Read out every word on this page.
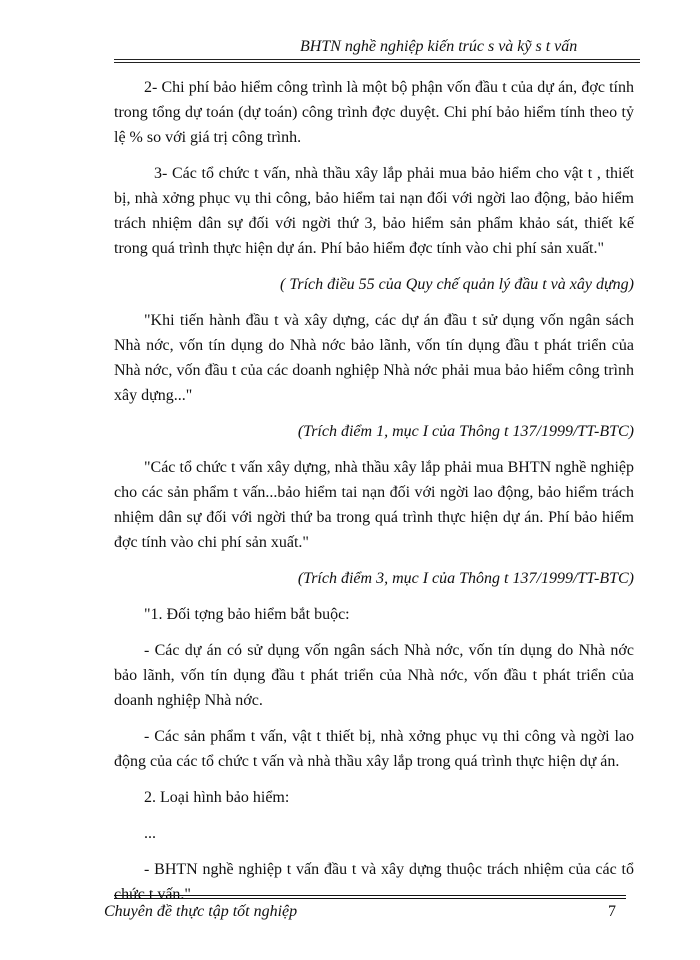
BHTN nghề nghiệp kiến trúc s và kỹ s t vấn

2- Chi phí bảo hiểm công trình là một bộ phận vốn đầu t của dự án, đợc tính trong tổng dự toán (dự toán) công trình đợc duyệt. Chi phí bảo hiểm tính theo tỷ lệ % so với giá trị công trình.

3- Các tổ chức t vấn, nhà thầu xây lắp phải mua bảo hiểm cho vật t , thiết bị, nhà xởng phục vụ thi công, bảo hiểm tai nạn đối với ngời lao động, bảo hiểm trách nhiệm dân sự đối với ngời thứ 3, bảo hiểm sản phẩm khảo sát, thiết kế trong quá trình thực hiện dự án. Phí bảo hiểm đợc tính vào chi phí sản xuất."

( Trích điều 55 của Quy chế quản lý đầu t và xây dựng)

"Khi tiến hành đầu t và xây dựng, các dự án đầu t sử dụng vốn ngân sách Nhà nớc, vốn tín dụng do Nhà nớc bảo lãnh, vốn tín dụng đầu t phát triển của Nhà nớc, vốn đầu t của các doanh nghiệp Nhà nớc phải mua bảo hiểm công trình xây dựng..."

(Trích điểm 1, mục I của Thông t 137/1999/TT-BTC)

"Các tổ chức t vấn xây dựng, nhà thầu xây lắp phải mua BHTN nghề nghiệp cho các sản phẩm t vấn...bảo hiểm tai nạn đối với ngời lao động, bảo hiểm trách nhiệm dân sự đối với ngời thứ ba trong quá trình thực hiện dự án. Phí bảo hiểm đợc tính vào chi phí sản xuất."

(Trích điểm 3, mục I của Thông t 137/1999/TT-BTC)

"1. Đối tợng bảo hiểm bắt buộc:

- Các dự án có sử dụng vốn ngân sách Nhà nớc, vốn tín dụng do Nhà nớc bảo lãnh, vốn tín dụng đầu t phát triển của Nhà nớc, vốn đầu t phát triển của doanh nghiệp Nhà nớc.

- Các sản phẩm t vấn, vật t thiết bị, nhà xởng phục vụ thi công và ngời lao động của các tổ chức t vấn và nhà thầu xây lắp trong quá trình thực hiện dự án.

2. Loại hình bảo hiểm:

...

- BHTN nghề nghiệp t vấn đầu t và xây dựng thuộc trách nhiệm của các tổ chức t vấn."

Chuyên đề thực tập tốt nghiệp	7
